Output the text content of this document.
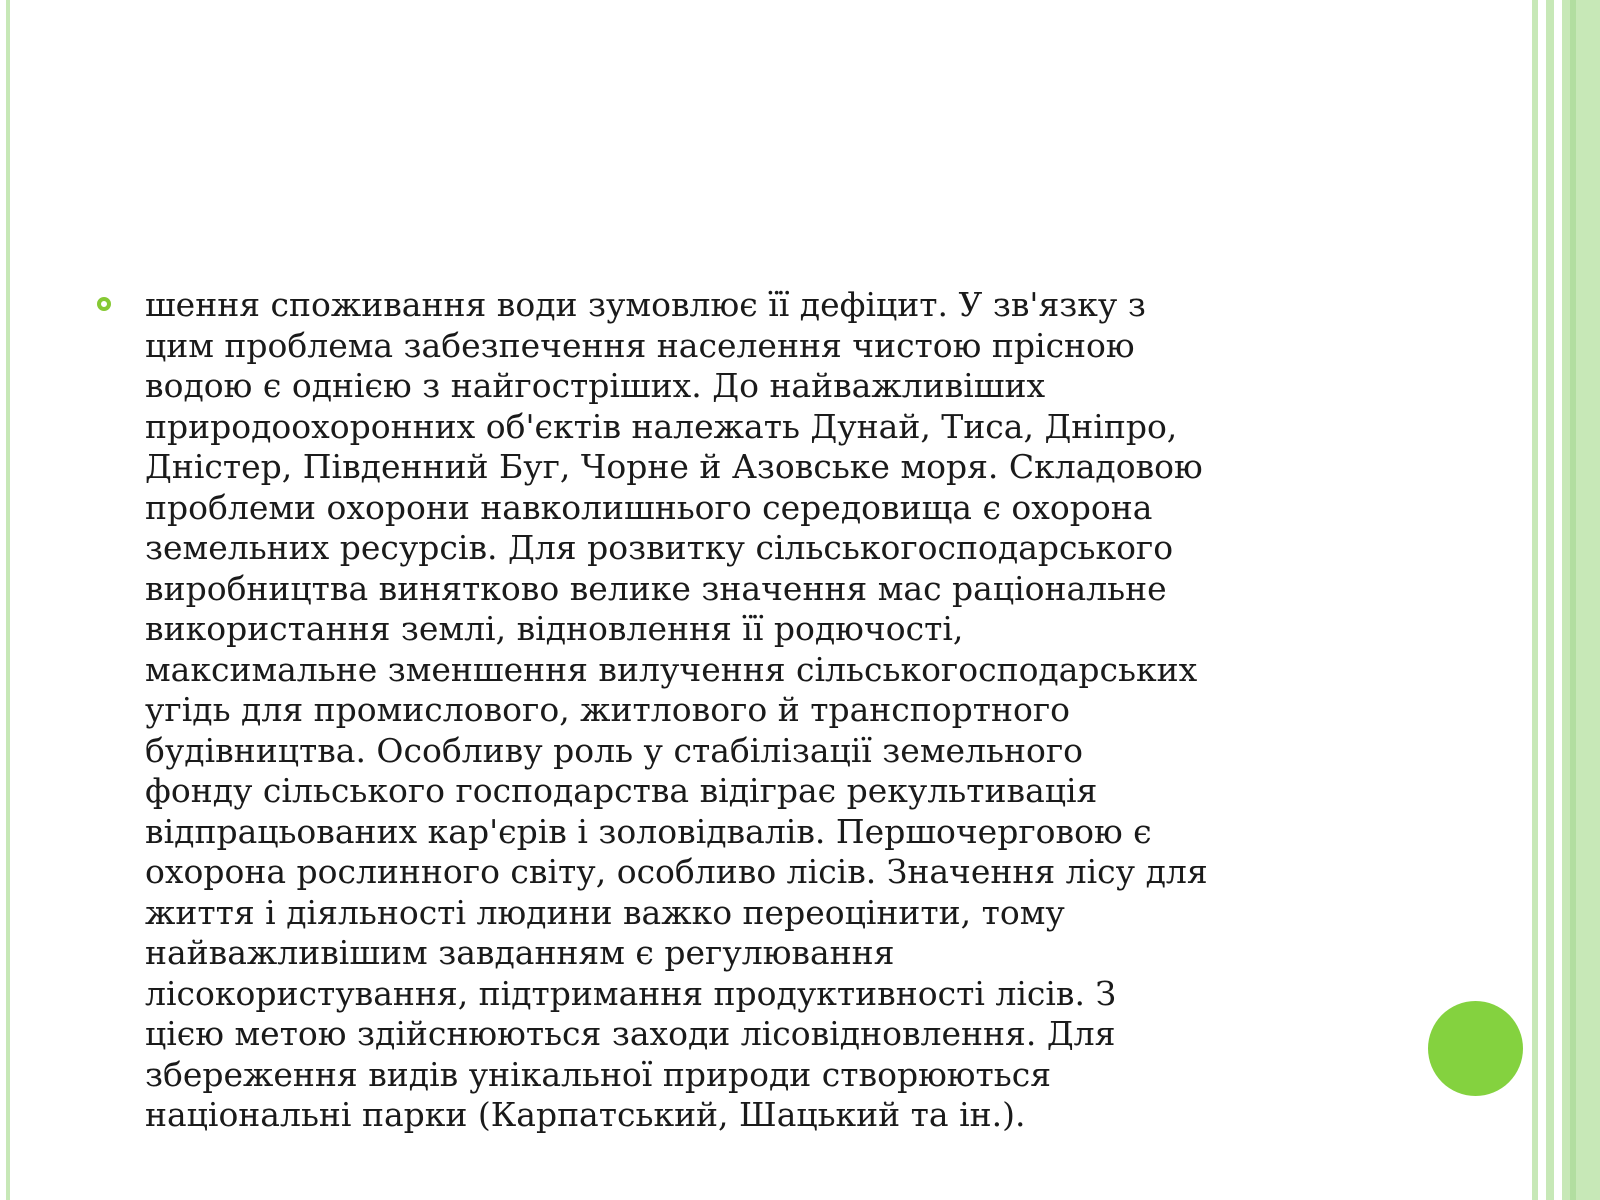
шення споживання води зумовлює її дефіцит. У зв'язку з
цим проблема забезпечення населення чистою прісною
водою є однією з найгостріших. До найважливіших
природоохоронних об'єктів належать Дунай, Тиса, Дніпро,
Дністер, Південний Буг, Чорне й Азовське моря. Складовою
проблеми охорони навколишнього середовища є охорона
земельних ресурсів. Для розвитку сільськогосподарського
виробництва винятково велике значення мас раціональне
використання землі, відновлення її родючості,
максимальне зменшення вилучення сільськогосподарських
угідь для промислового, житлового й транспортного
будівництва. Особливу роль у стабілізації земельного
фонду сільського господарства відіграє рекультивація
відпрацьованих кар'єрів і золовідвалів. Першочерговою є
охорона рослинного світу, особливо лісів. Значення лісу для
життя і діяльності людини важко переоцінити, тому
найважливішим завданням є регулювання
лісокористування, підтримання продуктивності лісів. З
цією метою здійснюються заходи лісовідновлення. Для
збереження видів унікальної природи створюються
національні парки (Карпатський, Шацький та ін.).
